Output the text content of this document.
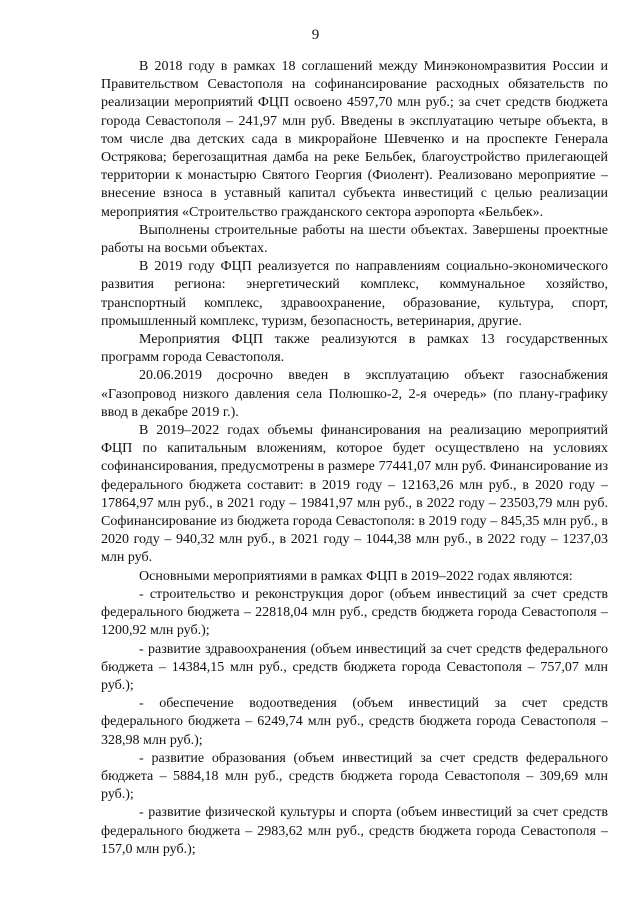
9

В 2018 году в рамках 18 соглашений между Минэкономразвития России и Правительством Севастополя на софинансирование расходных обязательств по реализации мероприятий ФЦП освоено 4597,70 млн руб.; за счет средств бюджета города Севастополя – 241,97 млн руб. Введены в эксплуатацию четыре объекта, в том числе два детских сада в микрорайоне Шевченко и на проспекте Генерала Острякова; берегозащитная дамба на реке Бельбек, благоустройство прилегающей территории к монастырю Святого Георгия (Фиолент). Реализовано мероприятие – внесение взноса в уставный капитал субъекта инвестиций с целью реализации мероприятия «Строительство гражданского сектора аэропорта «Бельбек».

Выполнены строительные работы на шести объектах. Завершены проектные работы на восьми объектах.

В 2019 году ФЦП реализуется по направлениям социально-экономического развития региона: энергетический комплекс, коммунальное хозяйство, транспортный комплекс, здравоохранение, образование, культура, спорт, промышленный комплекс, туризм, безопасность, ветеринария, другие.

Мероприятия ФЦП также реализуются в рамках 13 государственных программ города Севастополя.

20.06.2019 досрочно введен в эксплуатацию объект газоснабжения «Газопровод низкого давления села Полюшко-2, 2-я очередь» (по плану-графику ввод в декабре 2019 г.).

В 2019–2022 годах объемы финансирования на реализацию мероприятий ФЦП по капитальным вложениям, которое будет осуществлено на условиях софинансирования, предусмотрены в размере 77441,07 млн руб. Финансирование из федерального бюджета составит: в 2019 году – 12163,26 млн руб., в 2020 году – 17864,97 млн руб., в 2021 году – 19841,97 млн руб., в 2022 году – 23503,79 млн руб. Софинансирование из бюджета города Севастополя: в 2019 году – 845,35 млн руб., в 2020 году – 940,32 млн руб., в 2021 году – 1044,38 млн руб., в 2022 году – 1237,03 млн руб.

Основными мероприятиями в рамках ФЦП в 2019–2022 годах являются:

- строительство и реконструкция дорог (объем инвестиций за счет средств федерального бюджета – 22818,04 млн руб., средств бюджета города Севастополя – 1200,92 млн руб.);

- развитие здравоохранения (объем инвестиций за счет средств федерального бюджета – 14384,15 млн руб., средств бюджета города Севастополя – 757,07 млн руб.);

- обеспечение водоотведения (объем инвестиций за счет средств федерального бюджета – 6249,74 млн руб., средств бюджета города Севастополя – 328,98 млн руб.);

- развитие образования (объем инвестиций за счет средств федерального бюджета – 5884,18 млн руб., средств бюджета города Севастополя – 309,69 млн руб.);

- развитие физической культуры и спорта (объем инвестиций за счет средств федерального бюджета – 2983,62 млн руб., средств бюджета города Севастополя – 157,0 млн руб.);
